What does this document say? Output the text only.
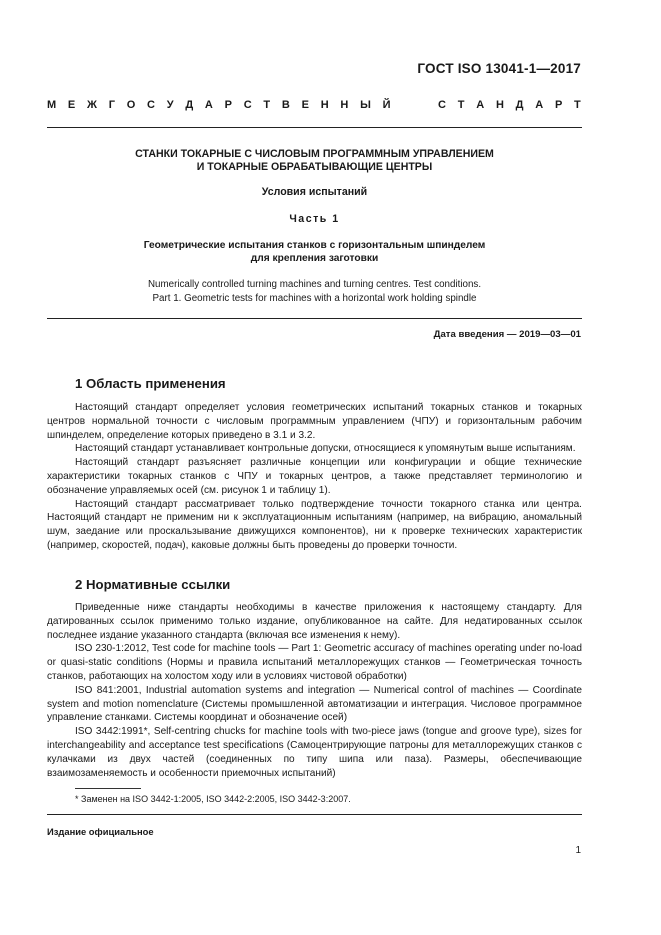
ГОСТ ISO 13041-1—2017
М Е Ж Г О С У Д А Р С Т В Е Н Н Ы Й	С Т А Н Д А Р Т
СТАНКИ ТОКАРНЫЕ С ЧИСЛОВЫМ ПРОГРАММНЫМ УПРАВЛЕНИЕМ
И ТОКАРНЫЕ ОБРАБАТЫВАЮЩИЕ ЦЕНТРЫ
Условия испытаний
Часть 1
Геометрические испытания станков с горизонтальным шпинделем
для крепления заготовки
Numerically controlled turning machines and turning centres. Test conditions.
Part 1. Geometric tests for machines with a horizontal work holding spindle
Дата введения — 2019—03—01
1 Область применения

Настоящий стандарт определяет условия геометрических испытаний токарных станков и токарных центров нормальной точности с числовым программным управлением (ЧПУ) и горизонтальным рабочим шпинделем, определение которых приведено в 3.1 и 3.2.

Настоящий стандарт устанавливает контрольные допуски, относящиеся к упомянутым выше испытаниям.

Настоящий стандарт разъясняет различные концепции или конфигурации и общие технические характеристики токарных станков с ЧПУ и токарных центров, а также представляет терминологию и обозначение управляемых осей (см. рисунок 1 и таблицу 1).

Настоящий стандарт рассматривает только подтверждение точности токарного станка или центра. Настоящий стандарт не применим ни к эксплуатационным испытаниям (например, на вибрацию, аномальный шум, заедание или проскальзывание движущихся компонентов), ни к проверке технических характеристик (например, скоростей, подач), каковые должны быть проведены до проверки точности.

2 Нормативные ссылки

Приведенные ниже стандарты необходимы в качестве приложения к настоящему стандарту. Для датированных ссылок применимо только издание, опубликованное на сайте. Для недатированных ссылок последнее издание указанного стандарта (включая все изменения к нему).

ISO 230-1:2012, Test code for machine tools — Part 1: Geometric accuracy of machines operating under no-load or quasi-static conditions (Нормы и правила испытаний металлорежущих станков — Геометрическая точность станков, работающих на холостом ходу или в условиях чистовой обработки)

ISO 841:2001, Industrial automation systems and integration — Numerical control of machines — Coordinate system and motion nomenclature (Системы промышленной автоматизации и интеграция. Числовое программное управление станками. Системы координат и обозначение осей)

ISO 3442:1991*, Self-centring chucks for machine tools with two-piece jaws (tongue and groove type), sizes for interchangeability and acceptance test specifications (Самоцентрирующие патроны для металлорежущих станков с кулачками из двух частей (соединенных по типу шипа или паза). Размеры, обеспечивающие взаимозаменяемость и особенности приемочных испытаний)

* Заменен на ISO 3442-1:2005, ISO 3442-2:2005, ISO 3442-3:2007.
Издание официальное
1
